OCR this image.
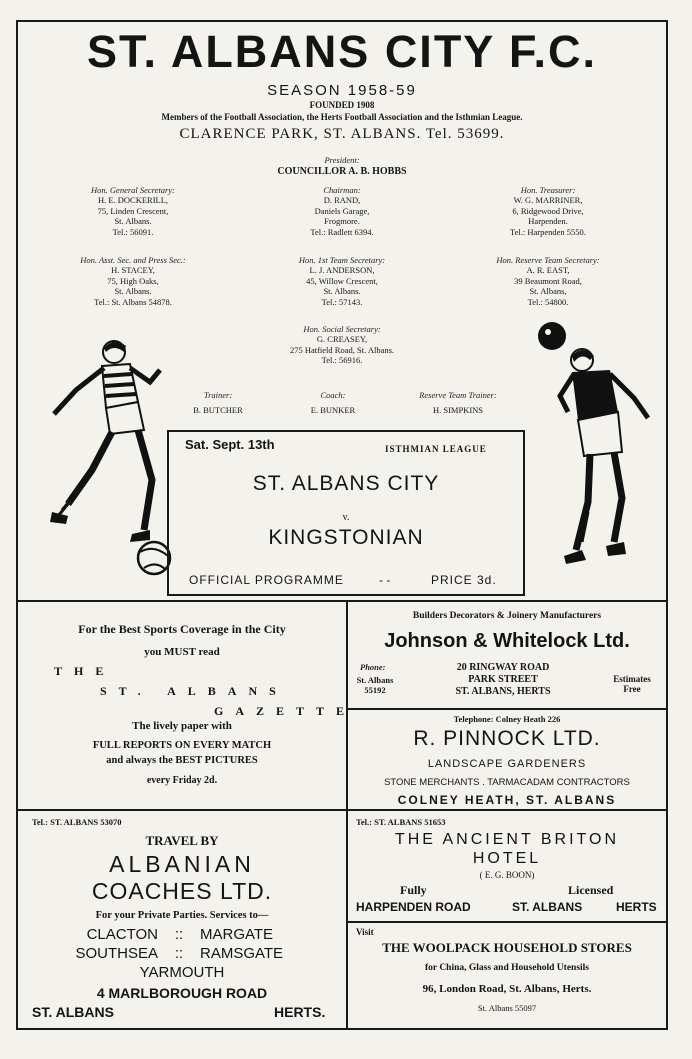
ST. ALBANS CITY F.C.
SEASON 1958-59
FOUNDED 1908
Members of the Football Association, the Herts Football Association and the Isthmian League.
CLARENCE PARK, ST. ALBANS. Tel. 53699.
President:
COUNCILLOR A. B. HOBBS
Hon. General Secretary:
H. E. DOCKERILL,
75, Linden Crescent,
St. Albans.
Tel.: 56091.
Chairman:
D. RAND,
Daniels Garage,
Frogmore.
Tel.: Radlett 6394.
Hon. Treasurer:
W. G. MARRINER,
6, Ridgewood Drive,
Harpenden.
Tel.: Harpenden 5550.
Hon. Asst. Sec. and Press Sec.:
H. STACEY,
75, High Oaks,
St. Albans.
Tel.: St. Albans 54878.
Hon. 1st Team Secretary:
L. J. ANDERSON,
45, Willow Crescent,
St. Albans.
Tel.: 57143.
Hon. Reserve Team Secretary:
A. R. EAST,
39 Beaumont Road,
St. Albans,
Tel.: 54800.
Hon. Social Secretary:
G. CREASEY,
275 Hatfield Road, St. Albans.
Tel.: 56916.
Trainer:
B. BUTCHER
Coach:
E. BUNKER
Reserve Team Trainer:
H. SIMPKINS
Sat. Sept. 13th	ISTHMIAN LEAGUE
ST. ALBANS CITY
v.
KINGSTONIAN
OFFICIAL PROGRAMME	- -	PRICE 3d.
For the Best Sports Coverage in the City
you MUST read
THE
ST. ALBANS
GAZETTE
The lively paper with
FULL REPORTS ON EVERY MATCH
and always the BEST PICTURES
every Friday 2d.
Builders Decorators & Joinery Manufacturers
Johnson & Whitelock Ltd.
Phone:
St. Albans 55192
20 RINGWAY ROAD
PARK STREET
ST. ALBANS, HERTS
Estimates Free
Telephone: Colney Heath 226
R. PINNOCK LTD.
LANDSCAPE GARDENERS
STONE MERCHANTS . TARMACADAM CONTRACTORS
COLNEY HEATH, ST. ALBANS
Tel.: ST. ALBANS 53070
TRAVEL BY
ALBANIAN
COACHES LTD.
For your Private Parties. Services to—
CLACTON	::	MARGATE
SOUTHSEA	::	RAMSGATE
YARMOUTH
4 MARLBOROUGH ROAD
ST. ALBANS	HERTS.
Tel.: ST. ALBANS 51653
THE ANCIENT BRITON
HOTEL
( E. G. BOON)
Fully	Licensed
HARPENDEN ROAD	ST. ALBANS	HERTS
Visit
THE WOOLPACK HOUSEHOLD STORES
for China, Glass and Household Utensils
96, London Road, St. Albans, Herts.
St. Albans 55097
